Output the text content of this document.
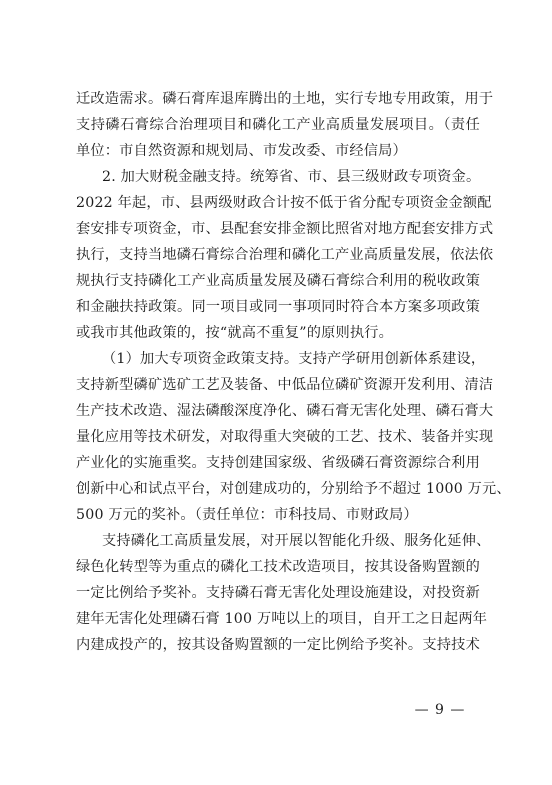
迁改造需求。磷石膏库退库腾出的土地，实行专地专用政策，用于
支持磷石膏综合治理项目和磷化工产业高质量发展项目。（责任
单位：市自然资源和规划局、市发改委、市经信局）
2. 加大财税金融支持。统筹省、市、县三级财政专项资金。
2022 年起，市、县两级财政合计按不低于省分配专项资金金额配
套安排专项资金，市、县配套安排金额比照省对地方配套安排方式
执行，支持当地磷石膏综合治理和磷化工产业高质量发展，依法依
规执行支持磷化工产业高质量发展及磷石膏综合利用的税收政策
和金融扶持政策。同一项目或同一事项同时符合本方案多项政策
或我市其他政策的，按“就高不重复”的原则执行。
（1）加大专项资金政策支持。支持产学研用创新体系建设，
支持新型磷矿选矿工艺及装备、中低品位磷矿资源开发利用、清洁
生产技术改造、湿法磷酸深度净化、磷石膏无害化处理、磷石膏大
量化应用等技术研发，对取得重大突破的工艺、技术、装备并实现
产业化的实施重奖。支持创建国家级、省级磷石膏资源综合利用
创新中心和试点平台，对创建成功的，分别给予不超过 1000 万元、
500 万元的奖补。（责任单位：市科技局、市财政局）
支持磷化工高质量发展，对开展以智能化升级、服务化延伸、
绿色化转型等为重点的磷化工技术改造项目，按其设备购置额的
一定比例给予奖补。支持磷石膏无害化处理设施建设，对投资新
建年无害化处理磷石膏 100 万吨以上的项目，自开工之日起两年
内建成投产的，按其设备购置额的一定比例给予奖补。支持技术
— 9 —
